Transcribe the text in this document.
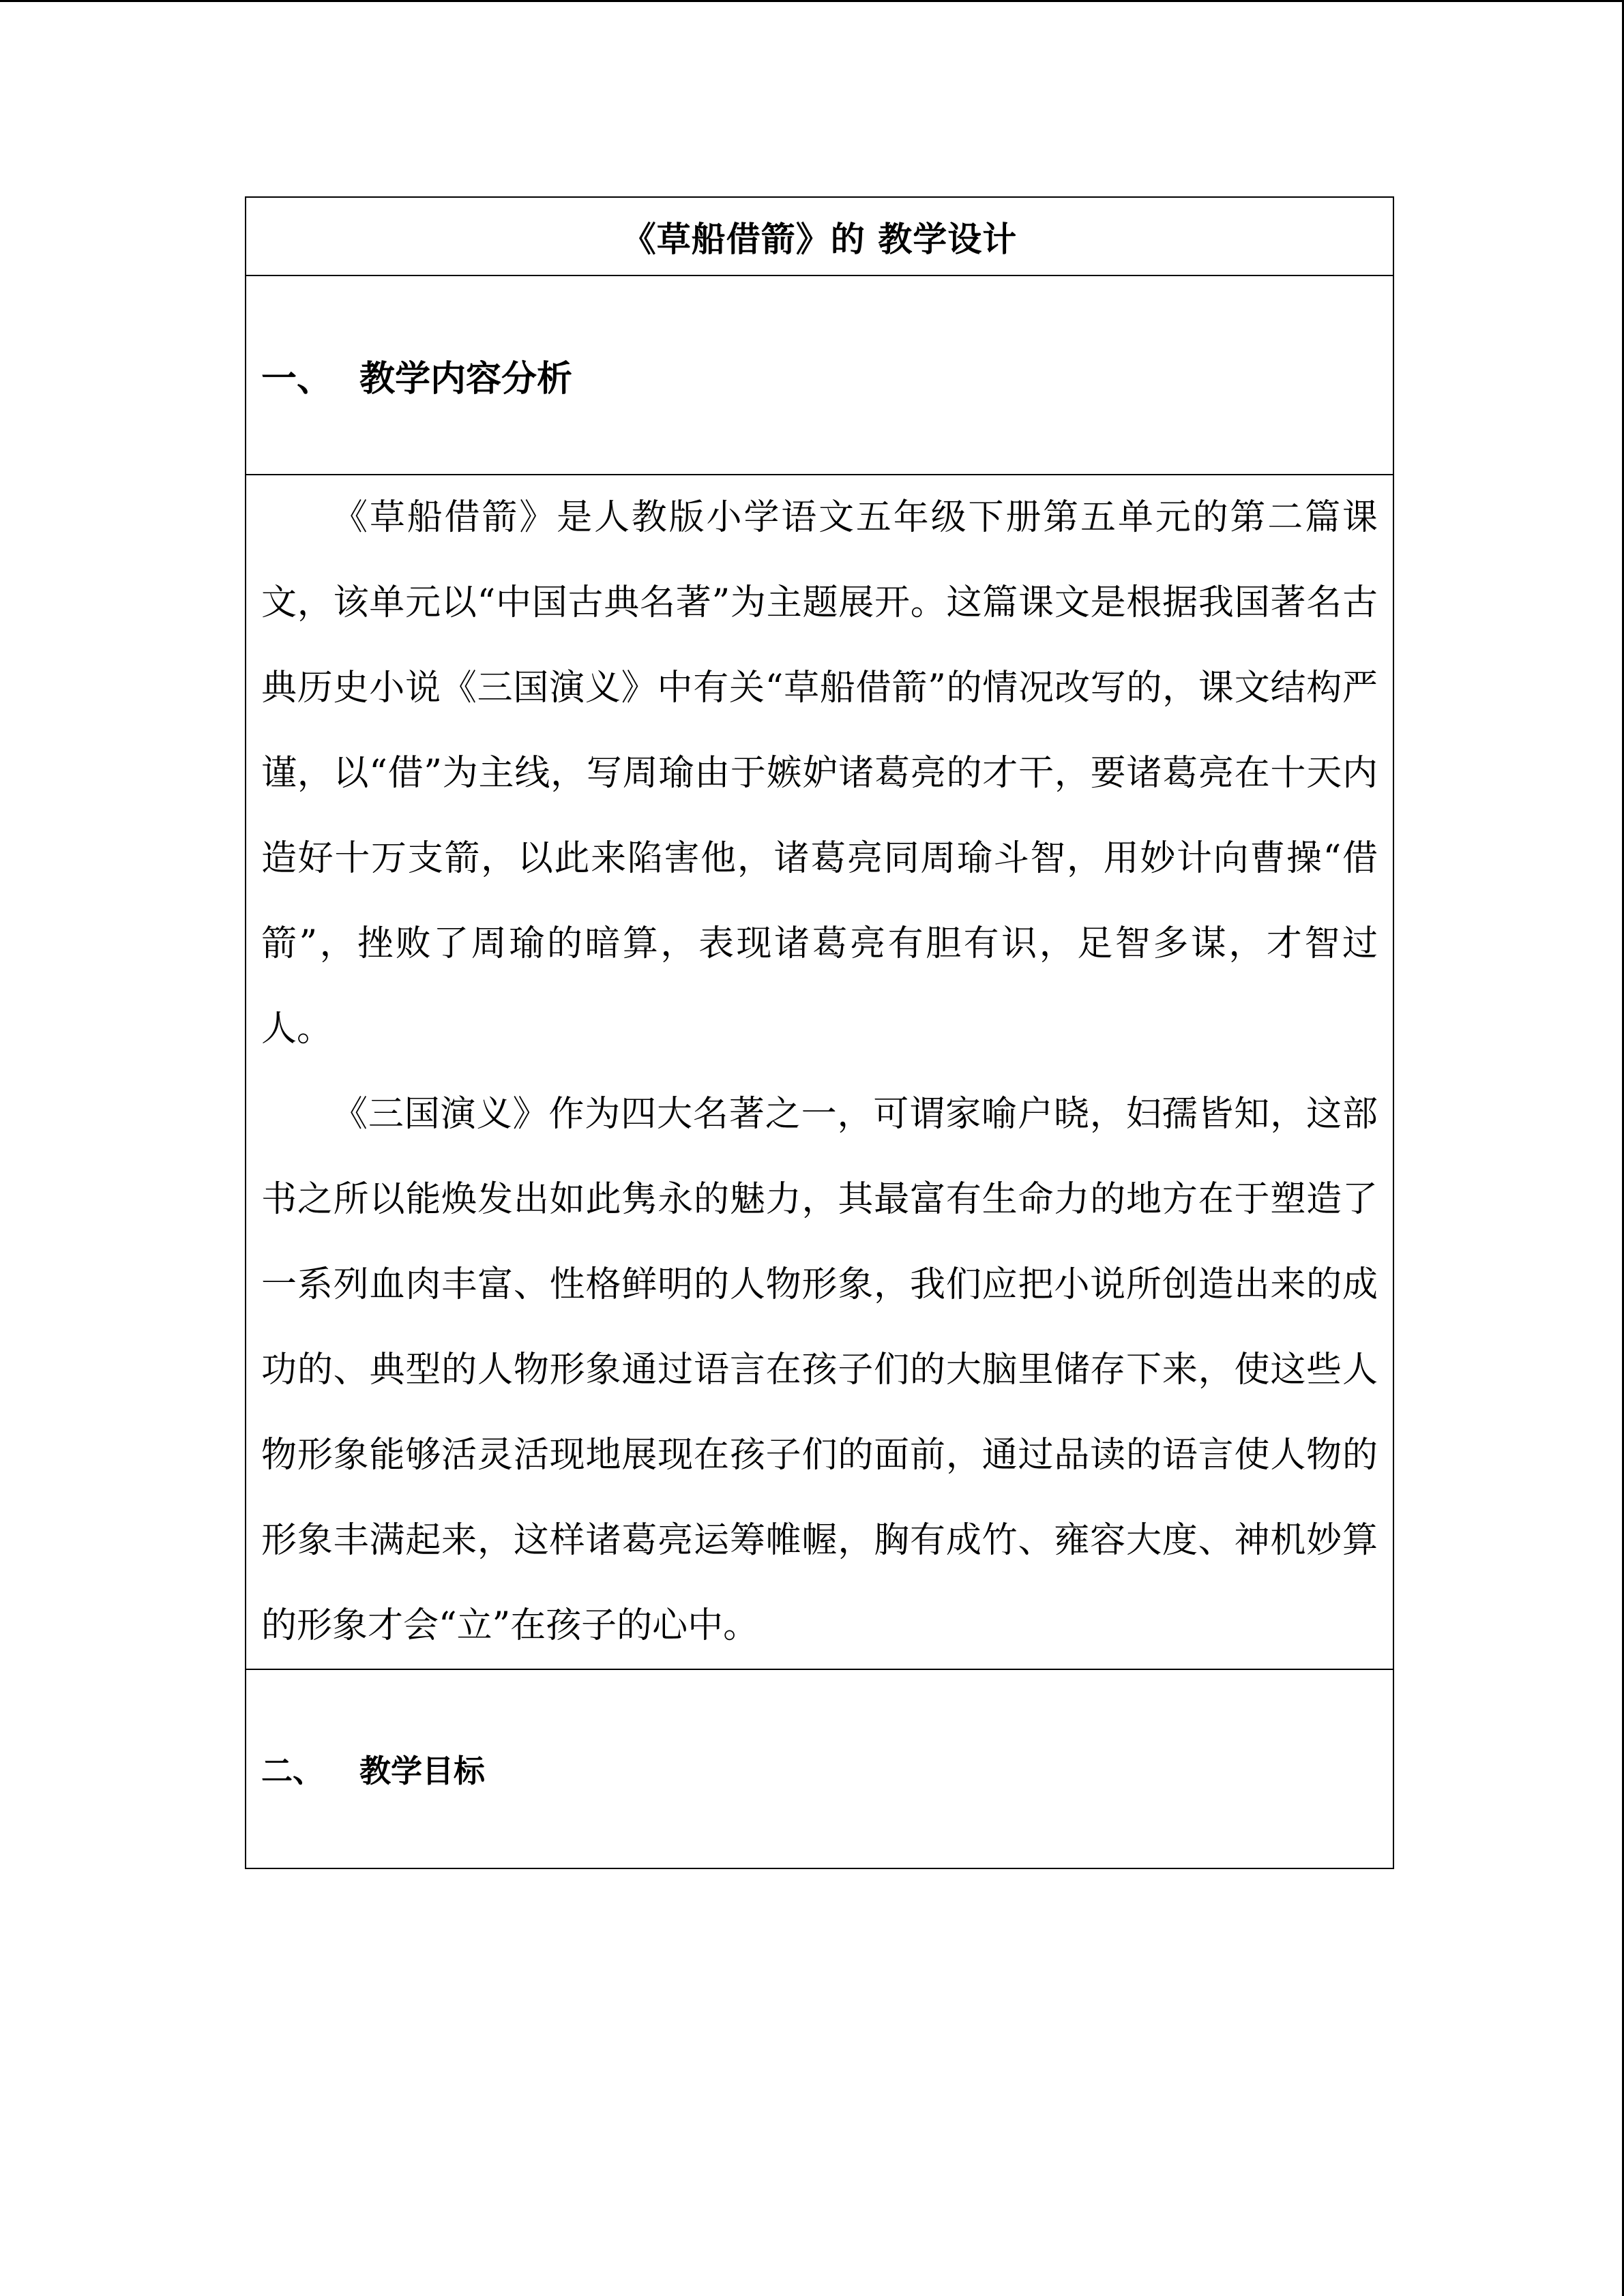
《草船借箭》的 教学设计
一、 教学内容分析

《草船借箭》是人教版小学语文五年级下册第五单元的第二篇课文，该单元以“中国古典名著”为主题展开。这篇课文是根据我国著名古典历史小说《三国演义》中有关“草船借箭”的情况改写的，课文结构严谨，以“借”为主线，写周瑜由于嫉妒诸葛亮的才干，要诸葛亮在十天内造好十万支箭，以此来陷害他，诸葛亮同周瑜斗智，用妙计向曹操“借箭”，挫败了周瑜的暗算，表现诸葛亮有胆有识，足智多谋，才智过人。

《三国演义》作为四大名著之一，可谓家喻户晓，妇孺皆知，这部书之所以能焕发出如此隽永的魅力，其最富有生命力的地方在于塑造了一系列血肉丰富、性格鲜明的人物形象，我们应把小说所创造出来的成功的、典型的人物形象通过语言在孩子们的大脑里储存下来，使这些人物形象能够活灵活现地展现在孩子们的面前，通过品读的语言使人物的形象丰满起来，这样诸葛亮运筹帷幄，胸有成竹、雍容大度、神机妙算的形象才会“立”在孩子的心中。

二、 教学目标
